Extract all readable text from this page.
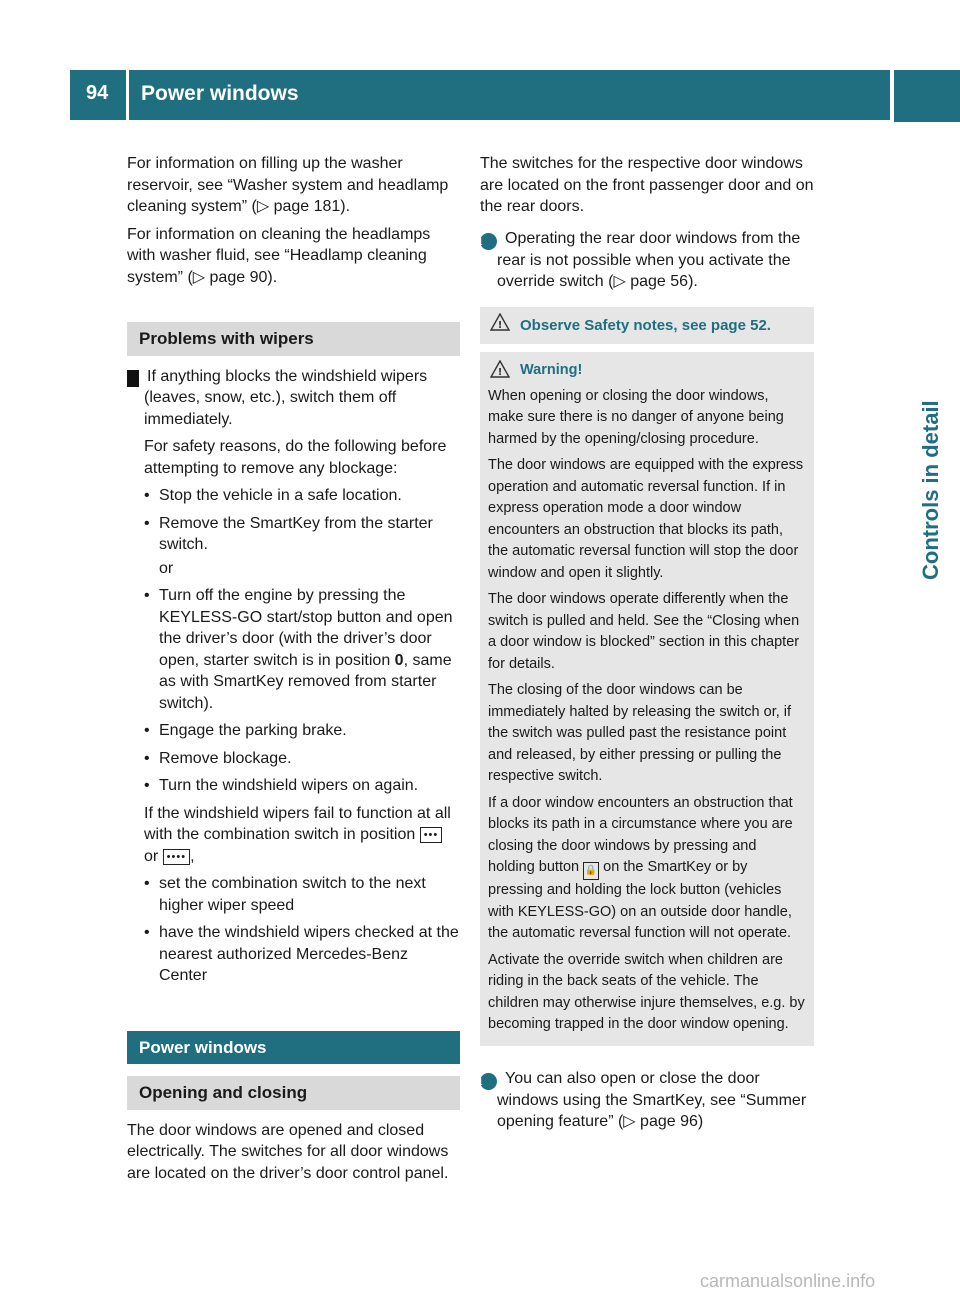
94 Power windows
Controls in detail

For information on filling up the washer reservoir, see “Washer system and headlamp cleaning system” (▷ page 181).

For information on cleaning the headlamps with washer fluid, see “Headlamp cleaning system” (▷ page 90).

Problems with wipers

! If anything blocks the windshield wipers (leaves, snow, etc.), switch them off immediately.

For safety reasons, do the following before attempting to remove any blockage:

• Stop the vehicle in a safe location.
• Remove the SmartKey from the starter switch.
or
• Turn off the engine by pressing the KEYLESS-GO start/stop button and open the driver’s door (with the driver’s door open, starter switch is in position 0, same as with SmartKey removed from starter switch).
• Engage the parking brake.
• Remove blockage.
• Turn the windshield wipers on again.

If the windshield wipers fail to function at all with the combination switch in position ••• or •••• ,

• set the combination switch to the next higher wiper speed
• have the windshield wipers checked at the nearest authorized Mercedes-Benz Center
Power windows
Opening and closing

The door windows are opened and closed electrically. The switches for all door windows are located on the driver’s door control panel.

The switches for the respective door windows are located on the front passenger door and on the rear doors.

i Operating the rear door windows from the rear is not possible when you activate the override switch (▷ page 56).

! Observe Safety notes, see page 52.
! Warning!

When opening or closing the door windows, make sure there is no danger of anyone being harmed by the opening/closing procedure.

The door windows are equipped with the express operation and automatic reversal function. If in express operation mode a door window encounters an obstruction that blocks its path, the automatic reversal function will stop the door window and open it slightly.

The door windows operate differently when the switch is pulled and held. See the “Closing when a door window is blocked” section in this chapter for details.

The closing of the door windows can be immediately halted by releasing the switch or, if the switch was pulled past the resistance point and released, by either pressing or pulling the respective switch.

If a door window encounters an obstruction that blocks its path in a circumstance where you are closing the door windows by pressing and holding button 🔒 on the SmartKey or by pressing and holding the lock button (vehicles with KEYLESS-GO) on an outside door handle, the automatic reversal function will not operate.

Activate the override switch when children are riding in the back seats of the vehicle. The children may otherwise injure themselves, e.g. by becoming trapped in the door window opening.

i You can also open or close the door windows using the SmartKey, see “Summer opening feature” (▷ page 96)

carmanualsonline.info
